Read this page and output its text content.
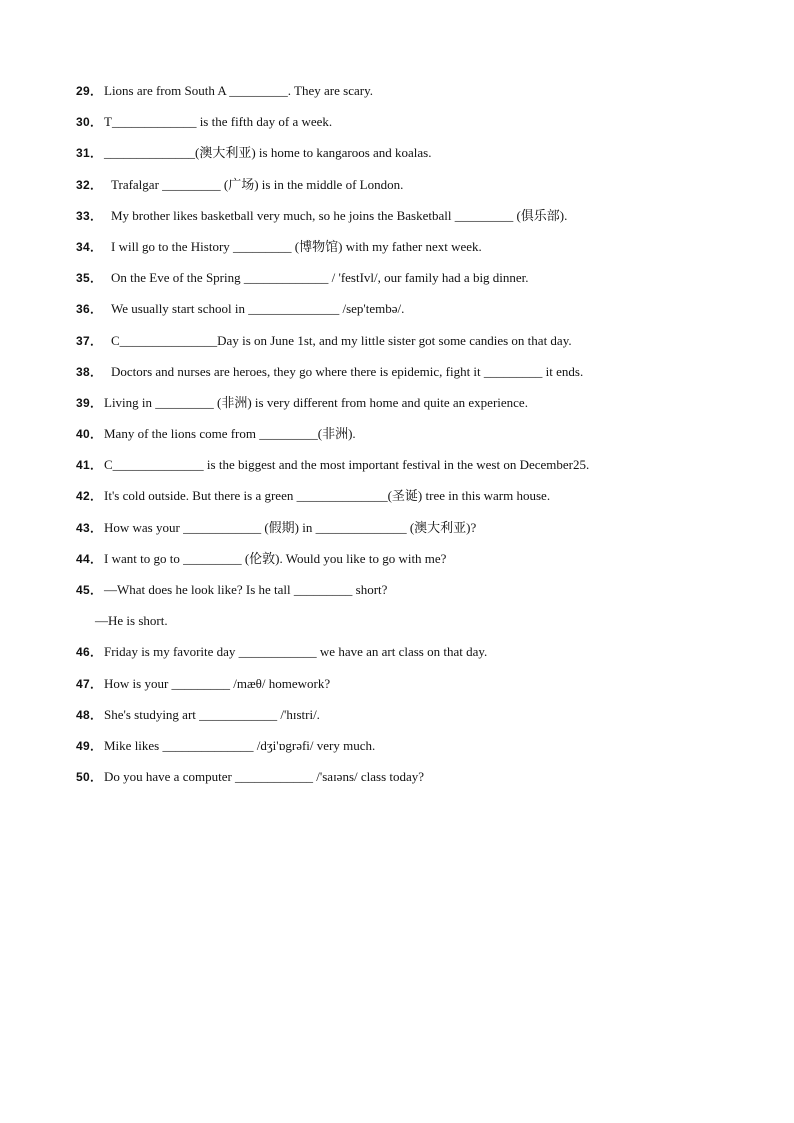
29． Lions are from South A _________. They are scary.
30． T_____________ is the fifth day of a week.
31． ______________(澳大利亚) is home to kangaroos and koalas.
32． Trafalgar _________ (广场) is in the middle of London.
33． My brother likes basketball very much, so he joins the Basketball _________ (俱乐部).
34． I will go to the History _________ (博物馆) with my father next week.
35． On the Eve of the Spring _____________ / 'festIvl/, our family had a big dinner.
36． We usually start school in ______________ /sep'tembə/.
37． C_______________Day is on June 1st, and my little sister got some candies on that day.
38． Doctors and nurses are heroes, they go where there is epidemic, fight it _________ it ends.
39． Living in _________ (非洲) is very different from home and quite an experience.
40． Many of the lions come from _________(非洲).
41． C______________ is the biggest and the most important festival in the west on December25.
42． It's cold outside. But there is a green ______________(圣诞) tree in this warm house.
43． How was your ____________ (假期) in ______________ (澳大利亚)?
44． I want to go to _________ (伦敦). Would you like to go with me?
45． —What does he look like? Is he tall _________ short?
—He is short.
46． Friday is my favorite day ____________ we have an art class on that day.
47． How is your _________ /mæθ/ homework?
48． She's studying art ____________ /'hɪstri/.
49． Mike likes ______________ /dʒi'ɒgrəfi/ very much.
50． Do you have a computer ____________ /'saɪəns/ class today?
